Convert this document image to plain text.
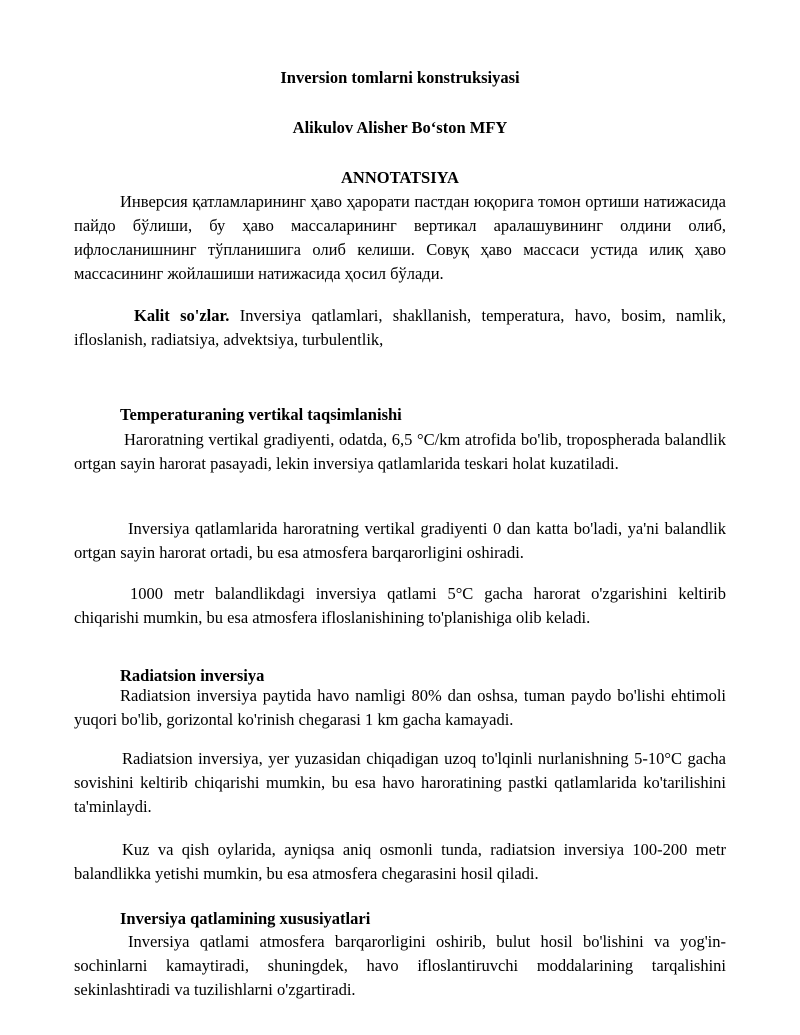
Inversion tomlarni konstruksiyasi
Alikulov Alisher Bo‘ston MFY
ANNOTATSIYA

Инверсия қатламларининг ҳаво ҳарорати пастдан юқорига томон ортиши натижасида пайдо бўлиши, бу ҳаво массаларининг вертикал аралашувининг олдини олиб, ифлосланишнинг тўпланишига олиб келиши. Совуқ ҳаво массаси устида илиқ ҳаво массасининг жойлашиши натижасида ҳосил бўлади.

Kalit so'zlar. Inversiya qatlamlari, shakllanish, temperatura, havo, bosim, namlik, ifloslanish, radiatsiya, advektsiya, turbulentlik,

Temperaturaning vertikal taqsimlanishi

Haroratning vertikal gradiyenti, odatda, 6,5 °C/km atrofida bo'lib, tropospherada balandlik ortgan sayin harorat pasayadi, lekin inversiya qatlamlarida teskari holat kuzatiladi.

Inversiya qatlamlarida haroratning vertikal gradiyenti 0 dan katta bo'ladi, ya'ni balandlik ortgan sayin harorat ortadi, bu esa atmosfera barqarorligini oshiradi.

1000 metr balandlikdagi inversiya qatlami 5°C gacha harorat o'zgarishini keltirib chiqarishi mumkin, bu esa atmosfera ifloslanishining to'planishiga olib keladi.

Radiatsion inversiya

Radiatsion inversiya paytida havo namligi 80% dan oshsa, tuman paydo bo'lishi ehtimoli yuqori bo'lib, gorizontal ko'rinish chegarasi 1 km gacha kamayadi.

Radiatsion inversiya, yer yuzasidan chiqadigan uzoq to'lqinli nurlanishning 5-10°C gacha sovishini keltirib chiqarishi mumkin, bu esa havo haroratining pastki qatlamlarida ko'tarilishini ta'minlaydi.

Kuz va qish oylarida, ayniqsa aniq osmonli tunda, radiatsion inversiya 100-200 metr balandlikka yetishi mumkin, bu esa atmosfera chegarasini hosil qiladi.

Inversiya qatlamining xususiyatlari

Inversiya qatlami atmosfera barqarorligini oshirib, bulut hosil bo'lishini va yog'in-sochinlarni kamaytiradi, shuningdek, havo ifloslantiruvchi moddalarining tarqalishini sekinlashtiradi va tuzilishlarni o'zgartiradi.
